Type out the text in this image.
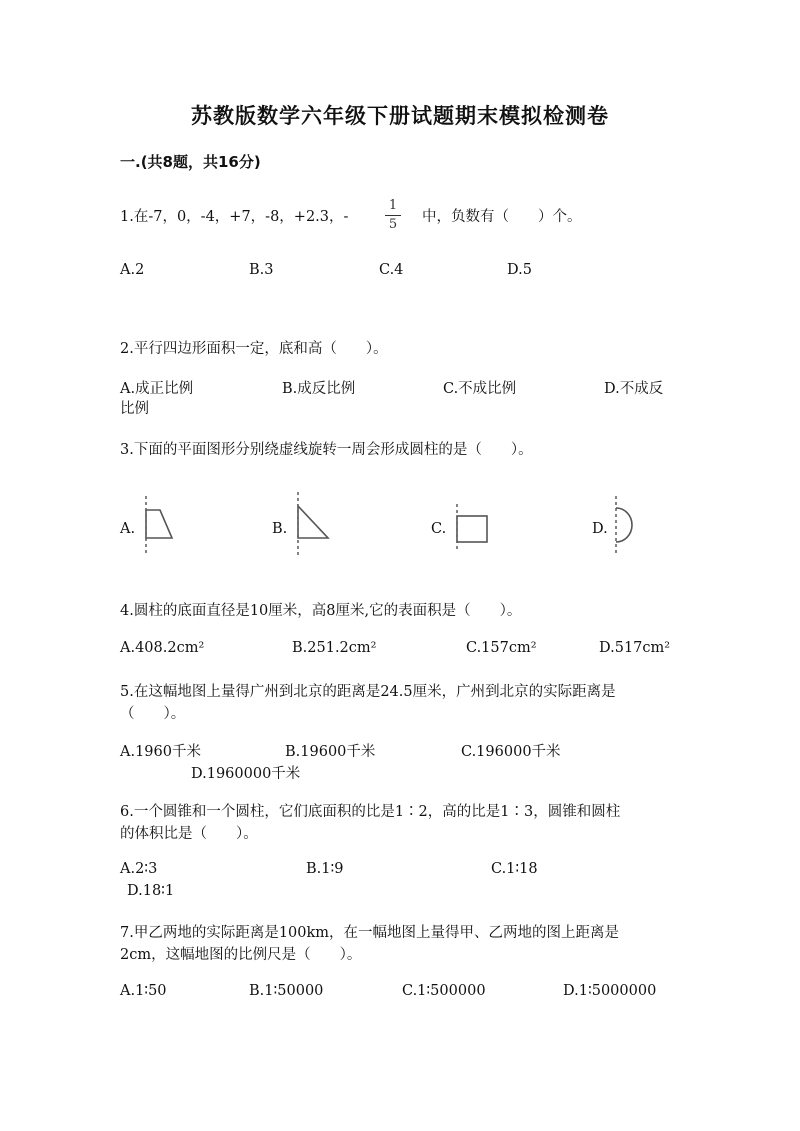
苏教版数学六年级下册试题期末模拟检测卷
一.(共8题，共16分)
1.在-7，0，-4，+7，-8，+2.3，-
1
5	中，负数有（　　）个。
A.2	B.3	C.4	D.5
2.平行四边形面积一定，底和高（　　）。
A.成正比例	B.成反比例	C.不成比例	D.不成反
比例
3.下面的平面图形分别绕虚线旋转一周会形成圆柱的是（　　）。
A.	B.	C.	D.
4.圆柱的底面直径是10厘米，高8厘米,它的表面积是（　　）。
A.408.2cm²	B.251.2cm²	C.157cm²	D.517cm²
5.在这幅地图上量得广州到北京的距离是24.5厘米，广州到北京的实际距离是
（　　）。
A.1960千米	B.19600千米	C.196000千米
D.1960000千米
6.一个圆锥和一个圆柱，它们底面积的比是1∶2，高的比是1∶3，圆锥和圆柱
的体积比是（　　）。
A.2∶3	B.1∶9	C.1∶18
D.18∶1
7.甲乙两地的实际距离是100km，在一幅地图上量得甲、乙两地的图上距离是
2cm，这幅地图的比例尺是（　　）。
A.1∶50	B.1∶50000	C.1∶500000	D.1∶5000000
